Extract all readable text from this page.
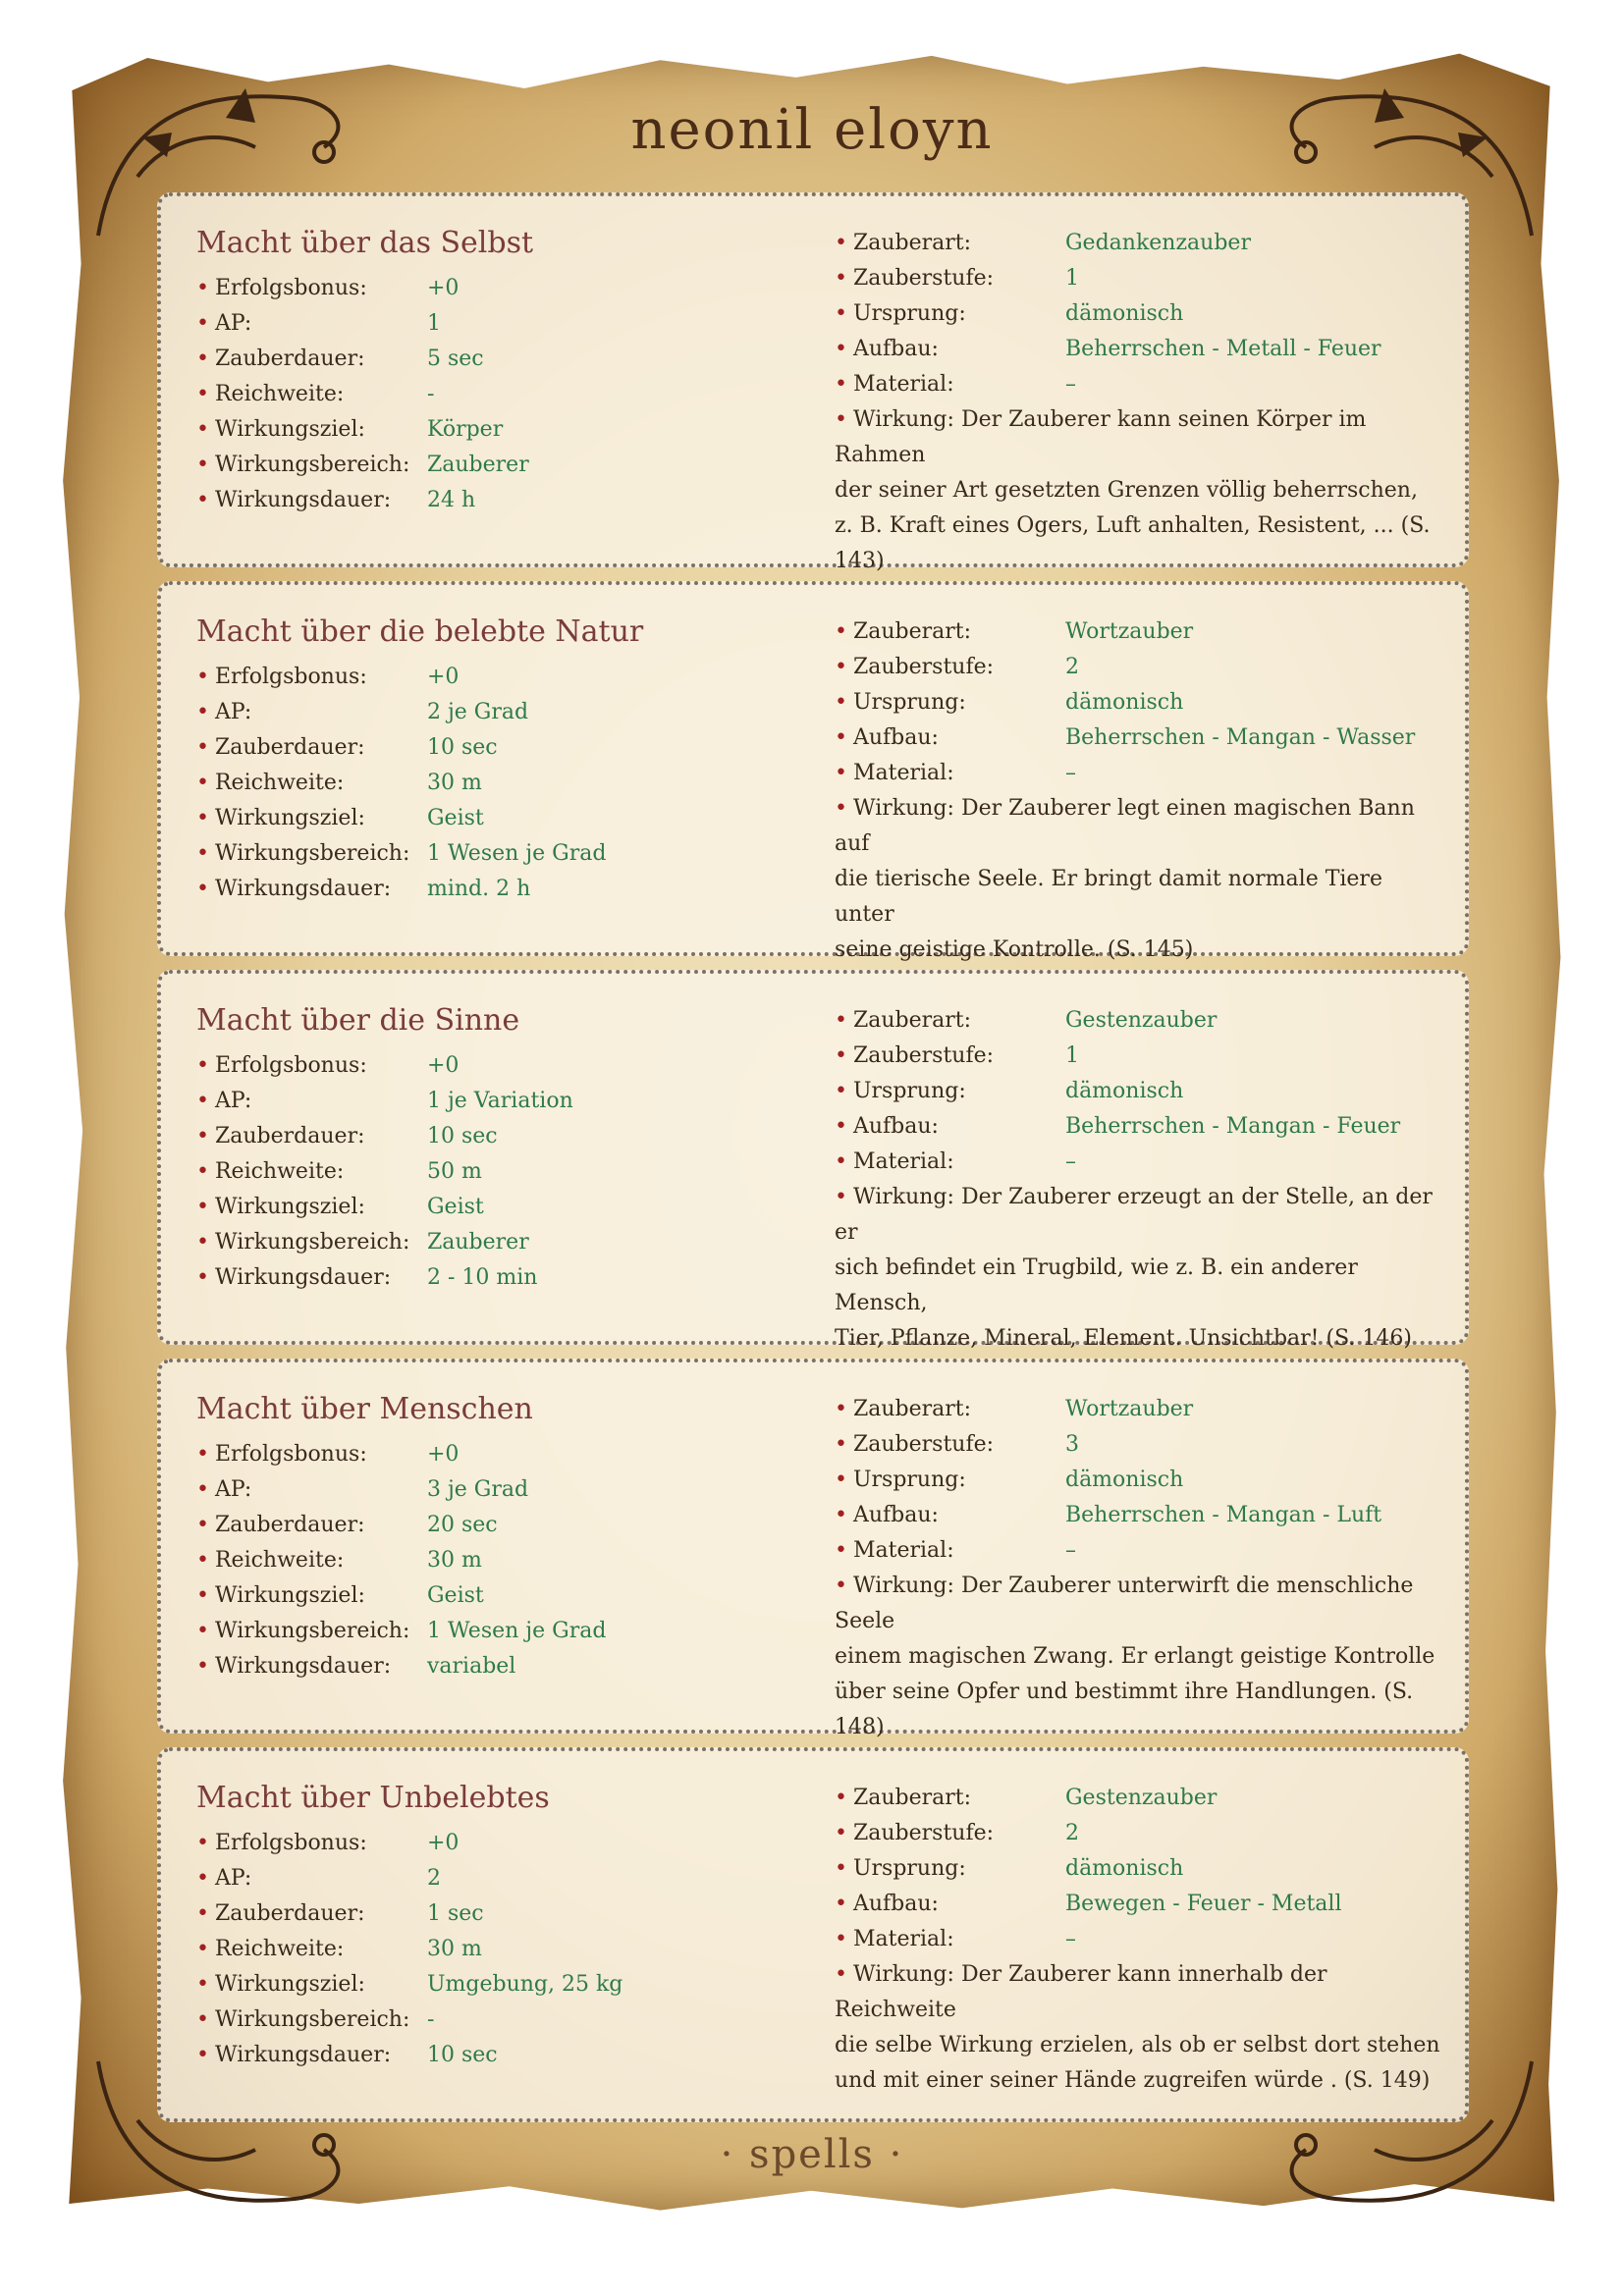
neonil eloyn
Macht über das Selbst
• Erfolgsbonus:	+0
• AP:	1
• Zauberdauer:	5 sec
• Reichweite:	-
• Wirkungsziel:	Körper
• Wirkungsbereich: Zauberer
• Wirkungsdauer: 24 h
• Zauberart:	Gedankenzauber
• Zauberstufe:	1
• Ursprung:	dämonisch
• Aufbau:	Beherrschen - Metall - Feuer
• Material:	–
• Wirkung: Der Zauberer kann seinen Körper im Rahmen
der seiner Art gesetzten Grenzen völlig beherrschen,
z. B. Kraft eines Ogers, Luft anhalten, Resistent, ... (S. 143)
Macht über die belebte Natur
• Erfolgsbonus:	+0
• AP:	2 je Grad
• Zauberdauer:	10 sec
• Reichweite:	30 m
• Wirkungsziel:	Geist
• Wirkungsbereich: 1 Wesen je Grad
• Wirkungsdauer: mind. 2 h
• Zauberart:	Wortzauber
• Zauberstufe:	2
• Ursprung:	dämonisch
• Aufbau:	Beherrschen - Mangan - Wasser
• Material:	–
• Wirkung: Der Zauberer legt einen magischen Bann auf
die tierische Seele. Er bringt damit normale Tiere unter
seine geistige Kontrolle. (S. 145)
Macht über die Sinne
• Erfolgsbonus:	+0
• AP:	1 je Variation
• Zauberdauer:	10 sec
• Reichweite:	50 m
• Wirkungsziel:	Geist
• Wirkungsbereich: Zauberer
• Wirkungsdauer: 2 - 10 min
• Zauberart:	Gestenzauber
• Zauberstufe:	1
• Ursprung:	dämonisch
• Aufbau:	Beherrschen - Mangan - Feuer
• Material:	–
• Wirkung: Der Zauberer erzeugt an der Stelle, an der er
sich befindet ein Trugbild, wie z. B. ein anderer Mensch,
Tier, Pflanze, Mineral, Element. Unsichtbar! (S. 146)
Macht über Menschen
• Erfolgsbonus:	+0
• AP:	3 je Grad
• Zauberdauer:	20 sec
• Reichweite:	30 m
• Wirkungsziel:	Geist
• Wirkungsbereich: 1 Wesen je Grad
• Wirkungsdauer: variabel
• Zauberart:	Wortzauber
• Zauberstufe:	3
• Ursprung:	dämonisch
• Aufbau:	Beherrschen - Mangan - Luft
• Material:	–
• Wirkung: Der Zauberer unterwirft die menschliche Seele
einem magischen Zwang. Er erlangt geistige Kontrolle
über seine Opfer und bestimmt ihre Handlungen. (S. 148)
Macht über Unbelebtes
• Erfolgsbonus:	+0
• AP:	2
• Zauberdauer:	1 sec
• Reichweite:	30 m
• Wirkungsziel:	Umgebung, 25 kg
• Wirkungsbereich: -
• Wirkungsdauer: 10 sec
• Zauberart:	Gestenzauber
• Zauberstufe:	2
• Ursprung:	dämonisch
• Aufbau:	Bewegen - Feuer - Metall
• Material:	–
• Wirkung: Der Zauberer kann innerhalb der Reichweite
die selbe Wirkung erzielen, als ob er selbst dort stehen
und mit einer seiner Hände zugreifen würde . (S. 149)
· spells ·
